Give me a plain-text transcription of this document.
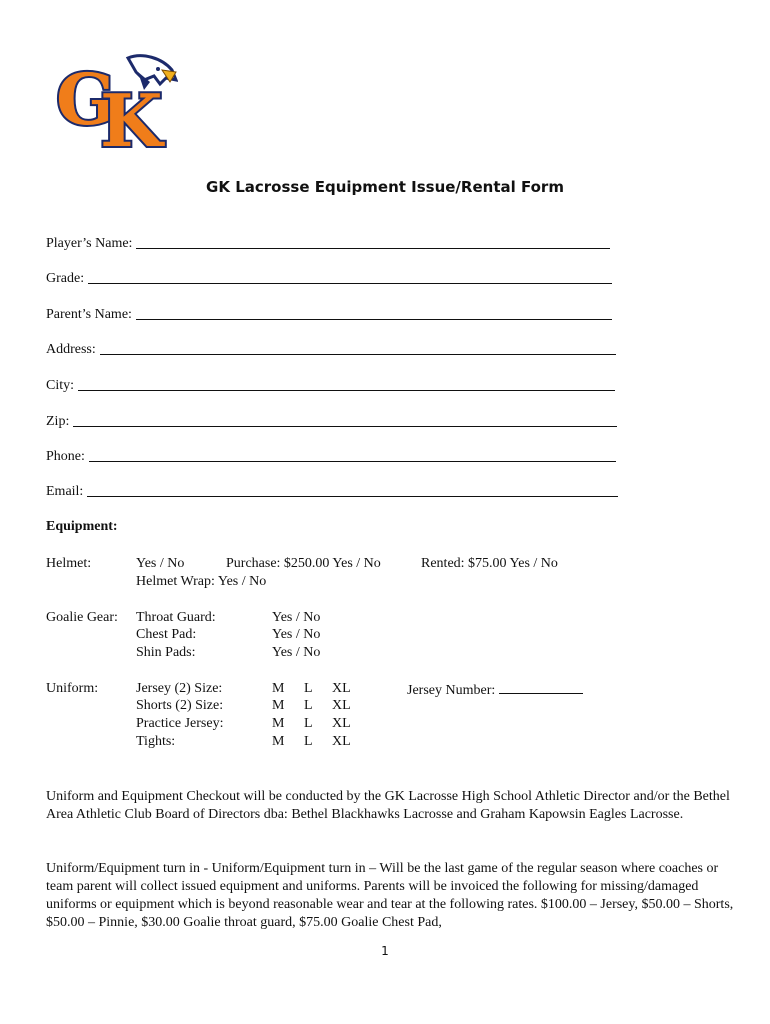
G
K
GK Lacrosse Equipment Issue/Rental Form
Player’s Name:
Grade:
Parent’s Name:
Address:
City:
Zip:
Phone:
Email:
Equipment:
Helmet:	Yes / No	Purchase: $250.00 Yes / No	Rented: $75.00 Yes / No
Helmet Wrap: Yes / No
Goalie Gear: Throat Guard:	Yes / No
Chest Pad:	Yes / No
Shin Pads:	Yes / No
Uniform:	Jersey (2) Size:	M L XL
Shorts (2) Size:	M L XL
Practice Jersey:	M L XL
Tights:	M L XL
Jersey Number:
Uniform and Equipment Checkout will be conducted by the GK Lacrosse High School Athletic Director and/or the Bethel Area Athletic Club Board of Directors dba: Bethel Blackhawks Lacrosse and Graham Kapowsin Eagles Lacrosse.
Uniform/Equipment turn in - Uniform/Equipment turn in – Will be the last game of the regular season where coaches or team parent will collect issued equipment and uniforms. Parents will be invoiced the following for missing/damaged uniforms or equipment which is beyond reasonable wear and tear at the following rates. $100.00 – Jersey, $50.00 – Shorts, $50.00 – Pinnie, $30.00 Goalie throat guard, $75.00 Goalie Chest Pad,
1
